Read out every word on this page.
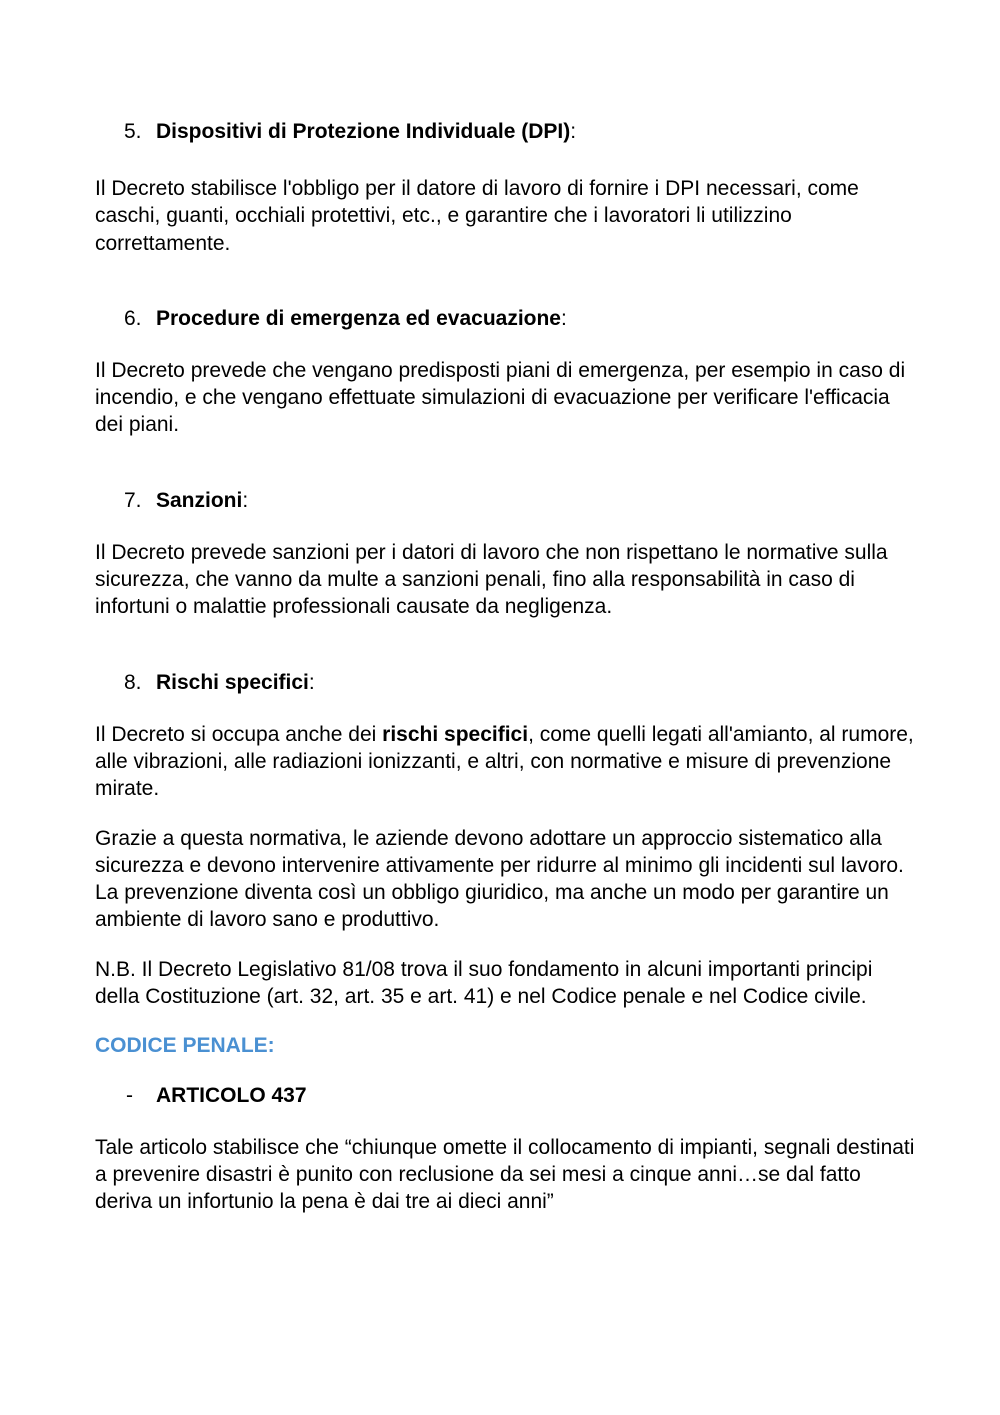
5. Dispositivi di Protezione Individuale (DPI):

Il Decreto stabilisce l'obbligo per il datore di lavoro di fornire i DPI necessari, come caschi, guanti, occhiali protettivi, etc., e garantire che i lavoratori li utilizzino correttamente.

6. Procedure di emergenza ed evacuazione:

Il Decreto prevede che vengano predisposti piani di emergenza, per esempio in caso di incendio, e che vengano effettuate simulazioni di evacuazione per verificare l'efficacia dei piani.

7. Sanzioni:

Il Decreto prevede sanzioni per i datori di lavoro che non rispettano le normative sulla sicurezza, che vanno da multe a sanzioni penali, fino alla responsabilità in caso di infortuni o malattie professionali causate da negligenza.

8. Rischi specifici:

Il Decreto si occupa anche dei rischi specifici, come quelli legati all'amianto, al rumore, alle vibrazioni, alle radiazioni ionizzanti, e altri, con normative e misure di prevenzione mirate.

Grazie a questa normativa, le aziende devono adottare un approccio sistematico alla sicurezza e devono intervenire attivamente per ridurre al minimo gli incidenti sul lavoro. La prevenzione diventa così un obbligo giuridico, ma anche un modo per garantire un ambiente di lavoro sano e produttivo.

N.B. Il Decreto Legislativo 81/08 trova il suo fondamento in alcuni importanti principi della Costituzione (art. 32, art. 35 e art. 41) e nel Codice penale e nel Codice civile.

CODICE PENALE:

- ARTICOLO 437

Tale articolo stabilisce che “chiunque omette il collocamento di impianti, segnali destinati a prevenire disastri è punito con reclusione da sei mesi a cinque anni…se dal fatto deriva un infortunio la pena è dai tre ai dieci anni”
